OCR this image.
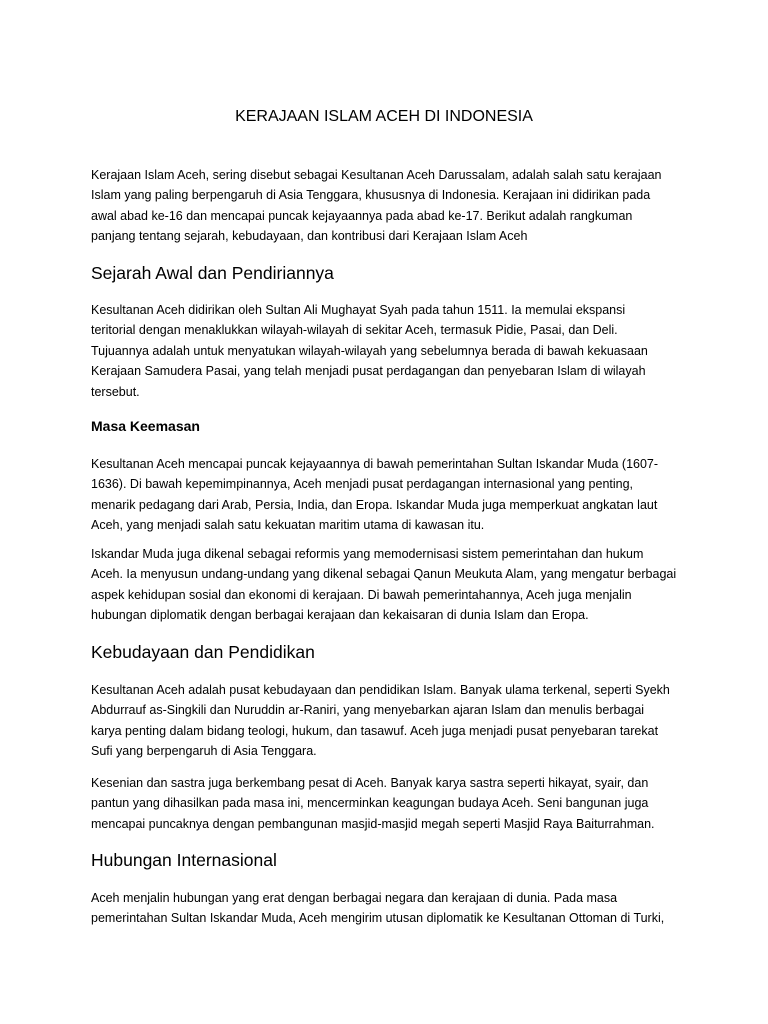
KERAJAAN ISLAM ACEH DI INDONESIA

Kerajaan Islam Aceh, sering disebut sebagai Kesultanan Aceh Darussalam, adalah salah satu kerajaan
Islam yang paling berpengaruh di Asia Tenggara, khususnya di Indonesia. Kerajaan ini didirikan pada
awal abad ke-16 dan mencapai puncak kejayaannya pada abad ke-17. Berikut adalah rangkuman
panjang tentang sejarah, kebudayaan, dan kontribusi dari Kerajaan Islam Aceh

Sejarah Awal dan Pendiriannya

Kesultanan Aceh didirikan oleh Sultan Ali Mughayat Syah pada tahun 1511. Ia memulai ekspansi
teritorial dengan menaklukkan wilayah-wilayah di sekitar Aceh, termasuk Pidie, Pasai, dan Deli.
Tujuannya adalah untuk menyatukan wilayah-wilayah yang sebelumnya berada di bawah kekuasaan
Kerajaan Samudera Pasai, yang telah menjadi pusat perdagangan dan penyebaran Islam di wilayah
tersebut.

Masa Keemasan

Kesultanan Aceh mencapai puncak kejayaannya di bawah pemerintahan Sultan Iskandar Muda (1607-
1636). Di bawah kepemimpinannya, Aceh menjadi pusat perdagangan internasional yang penting,
menarik pedagang dari Arab, Persia, India, dan Eropa. Iskandar Muda juga memperkuat angkatan laut
Aceh, yang menjadi salah satu kekuatan maritim utama di kawasan itu.

Iskandar Muda juga dikenal sebagai reformis yang memodernisasi sistem pemerintahan dan hukum
Aceh. Ia menyusun undang-undang yang dikenal sebagai Qanun Meukuta Alam, yang mengatur berbagai
aspek kehidupan sosial dan ekonomi di kerajaan. Di bawah pemerintahannya, Aceh juga menjalin
hubungan diplomatik dengan berbagai kerajaan dan kekaisaran di dunia Islam dan Eropa.

Kebudayaan dan Pendidikan

Kesultanan Aceh adalah pusat kebudayaan dan pendidikan Islam. Banyak ulama terkenal, seperti Syekh
Abdurrauf as-Singkili dan Nuruddin ar-Raniri, yang menyebarkan ajaran Islam dan menulis berbagai
karya penting dalam bidang teologi, hukum, dan tasawuf. Aceh juga menjadi pusat penyebaran tarekat
Sufi yang berpengaruh di Asia Tenggara.

Kesenian dan sastra juga berkembang pesat di Aceh. Banyak karya sastra seperti hikayat, syair, dan
pantun yang dihasilkan pada masa ini, mencerminkan keagungan budaya Aceh. Seni bangunan juga
mencapai puncaknya dengan pembangunan masjid-masjid megah seperti Masjid Raya Baiturrahman.

Hubungan Internasional

Aceh menjalin hubungan yang erat dengan berbagai negara dan kerajaan di dunia. Pada masa
pemerintahan Sultan Iskandar Muda, Aceh mengirim utusan diplomatik ke Kesultanan Ottoman di Turki,
